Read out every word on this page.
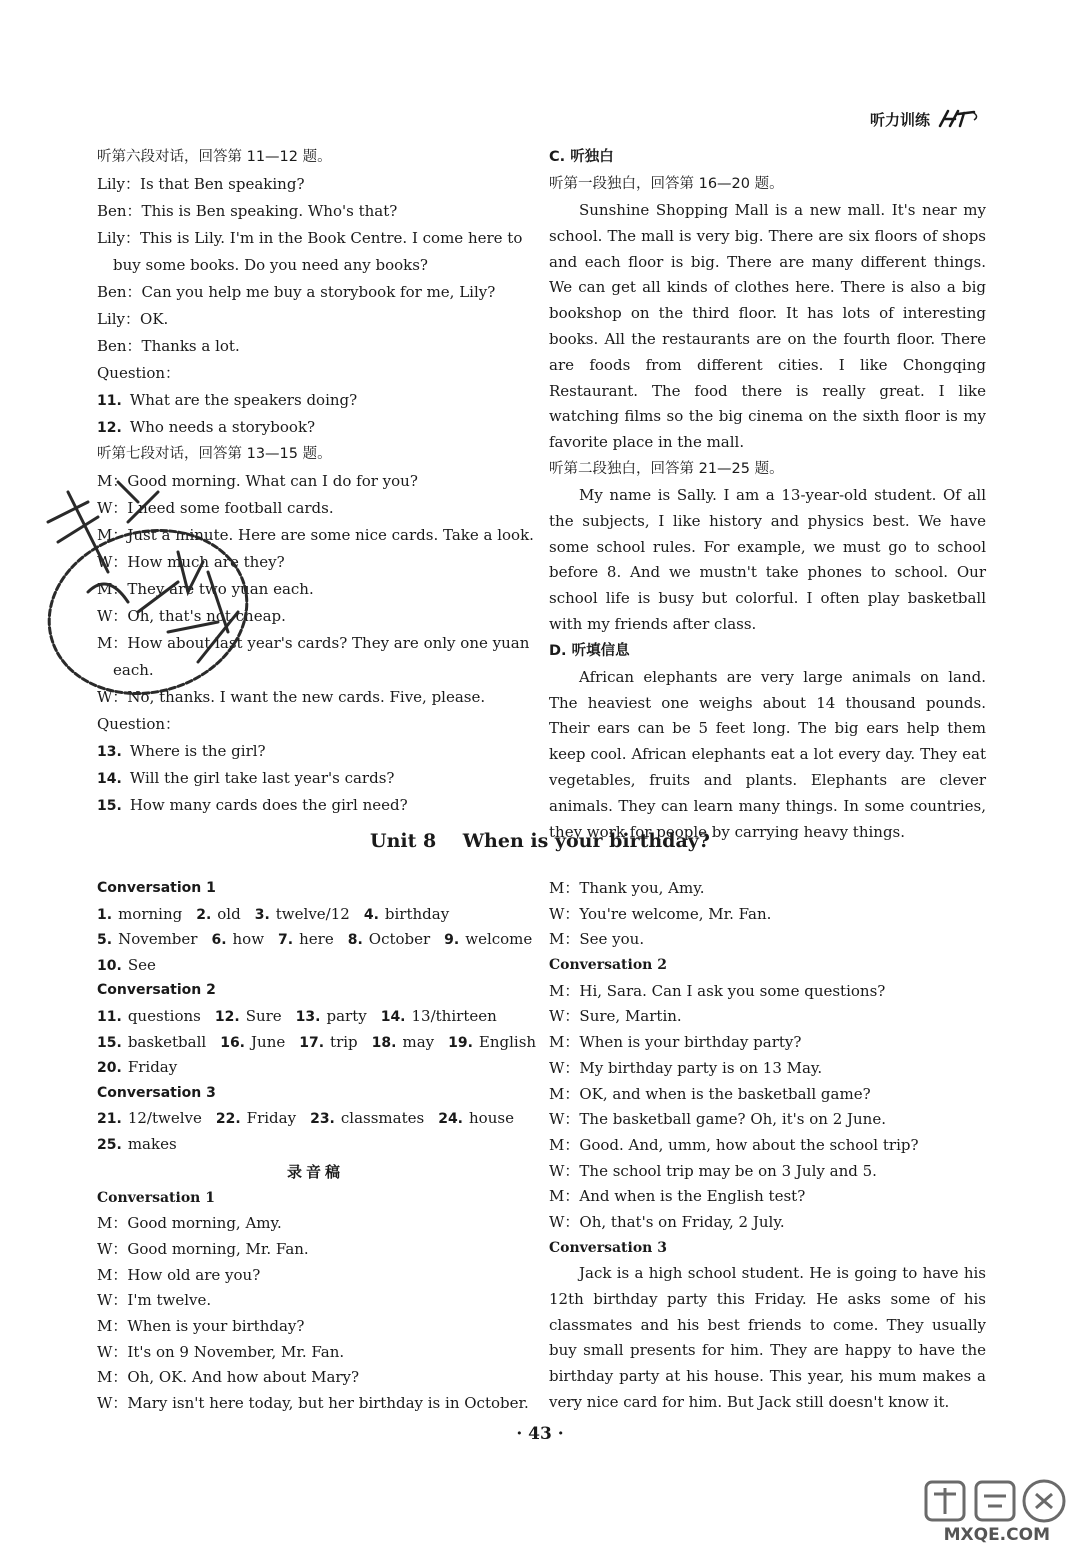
听力训练
听第六段对话，回答第 11—12 题。
Lily：Is that Ben speaking?
Ben：This is Ben speaking. Who's that?
Lily：This is Lily. I'm in the Book Centre. I come here to
buy some books. Do you need any books?
Ben：Can you help me buy a storybook for me, Lily?
Lily：OK.
Ben：Thanks a lot.
Question：
11. What are the speakers doing?
12. Who needs a storybook?
听第七段对话，回答第 13—15 题。
M：Good morning. What can I do for you?
W：I need some football cards.
M：Just a minute. Here are some nice cards. Take a look.
W：How much are they?
M：They are two yuan each.
W：Oh, that's not cheap.
M：How about last year's cards? They are only one yuan
each.
W：No, thanks. I want the new cards. Five, please.
Question：
13. Where is the girl?
14. Will the girl take last year's cards?
15. How many cards does the girl need?
C. 听独白
听第一段独白，回答第 16—20 题。

Sunshine Shopping Mall is a new mall. It's near my school. The mall is very big. There are six floors of shops and each floor is big. There are many different things. We can get all kinds of clothes here. There is also a big bookshop on the third floor. It has lots of interesting books. All the restaurants are on the fourth floor. There are foods from different cities. I like Chongqing Restaurant. The food there is really great. I like watching films so the big cinema on the sixth floor is my favorite place in the mall.

听第二段独白，回答第 21—25 题。

My name is Sally. I am a 13-year-old student. Of all the subjects, I like history and physics best. We have some school rules. For example, we must go to school before 8. And we mustn't take phones to school. Our school life is busy but colorful. I often play basketball with my friends after class.

D. 听填信息

African elephants are very large animals on land. The heaviest one weighs about 14 thousand pounds. Their ears can be 5 feet long. The big ears help them keep cool. African elephants eat a lot every day. They eat vegetables, fruits and plants. Elephants are clever animals. They can learn many things. In some countries, they work for people by carrying heavy things.

Unit 8    When is your birthday?
Conversation 1
1. morning 2. old 3. twelve/12 4. birthday
5. November 6. how 7. here 8. October 9. welcome
10. See
Conversation 2
11. questions 12. Sure 13. party 14. 13/thirteen
15. basketball 16. June 17. trip 18. may 19. English
20. Friday
Conversation 3
21. 12/twelve 22. Friday 23. classmates 24. house
25. makes
录音稿
Conversation 1
M：Good morning, Amy.
W：Good morning, Mr. Fan.
M：How old are you?
W：I'm twelve.
M：When is your birthday?
W：It's on 9 November, Mr. Fan.
M：Oh, OK. And how about Mary?
W：Mary isn't here today, but her birthday is in October.
M：Thank you, Amy.
W：You're welcome, Mr. Fan.
M：See you.
Conversation 2
M：Hi, Sara. Can I ask you some questions?
W：Sure, Martin.
M：When is your birthday party?
W：My birthday party is on 13 May.
M：OK, and when is the basketball game?
W：The basketball game? Oh, it's on 2 June.
M：Good. And, umm, how about the school trip?
W：The school trip may be on 3 July and 5.
M：And when is the English test?
W：Oh, that's on Friday, 2 July.
Conversation 3

Jack is a high school student. He is going to have his 12th birthday party this Friday. He asks some of his classmates and his best friends to come. They usually buy small presents for him. They are happy to have the birthday party at his house. This year, his mum makes a very nice card for him. But Jack still doesn't know it.

· 43 ·
MXQE.COM
